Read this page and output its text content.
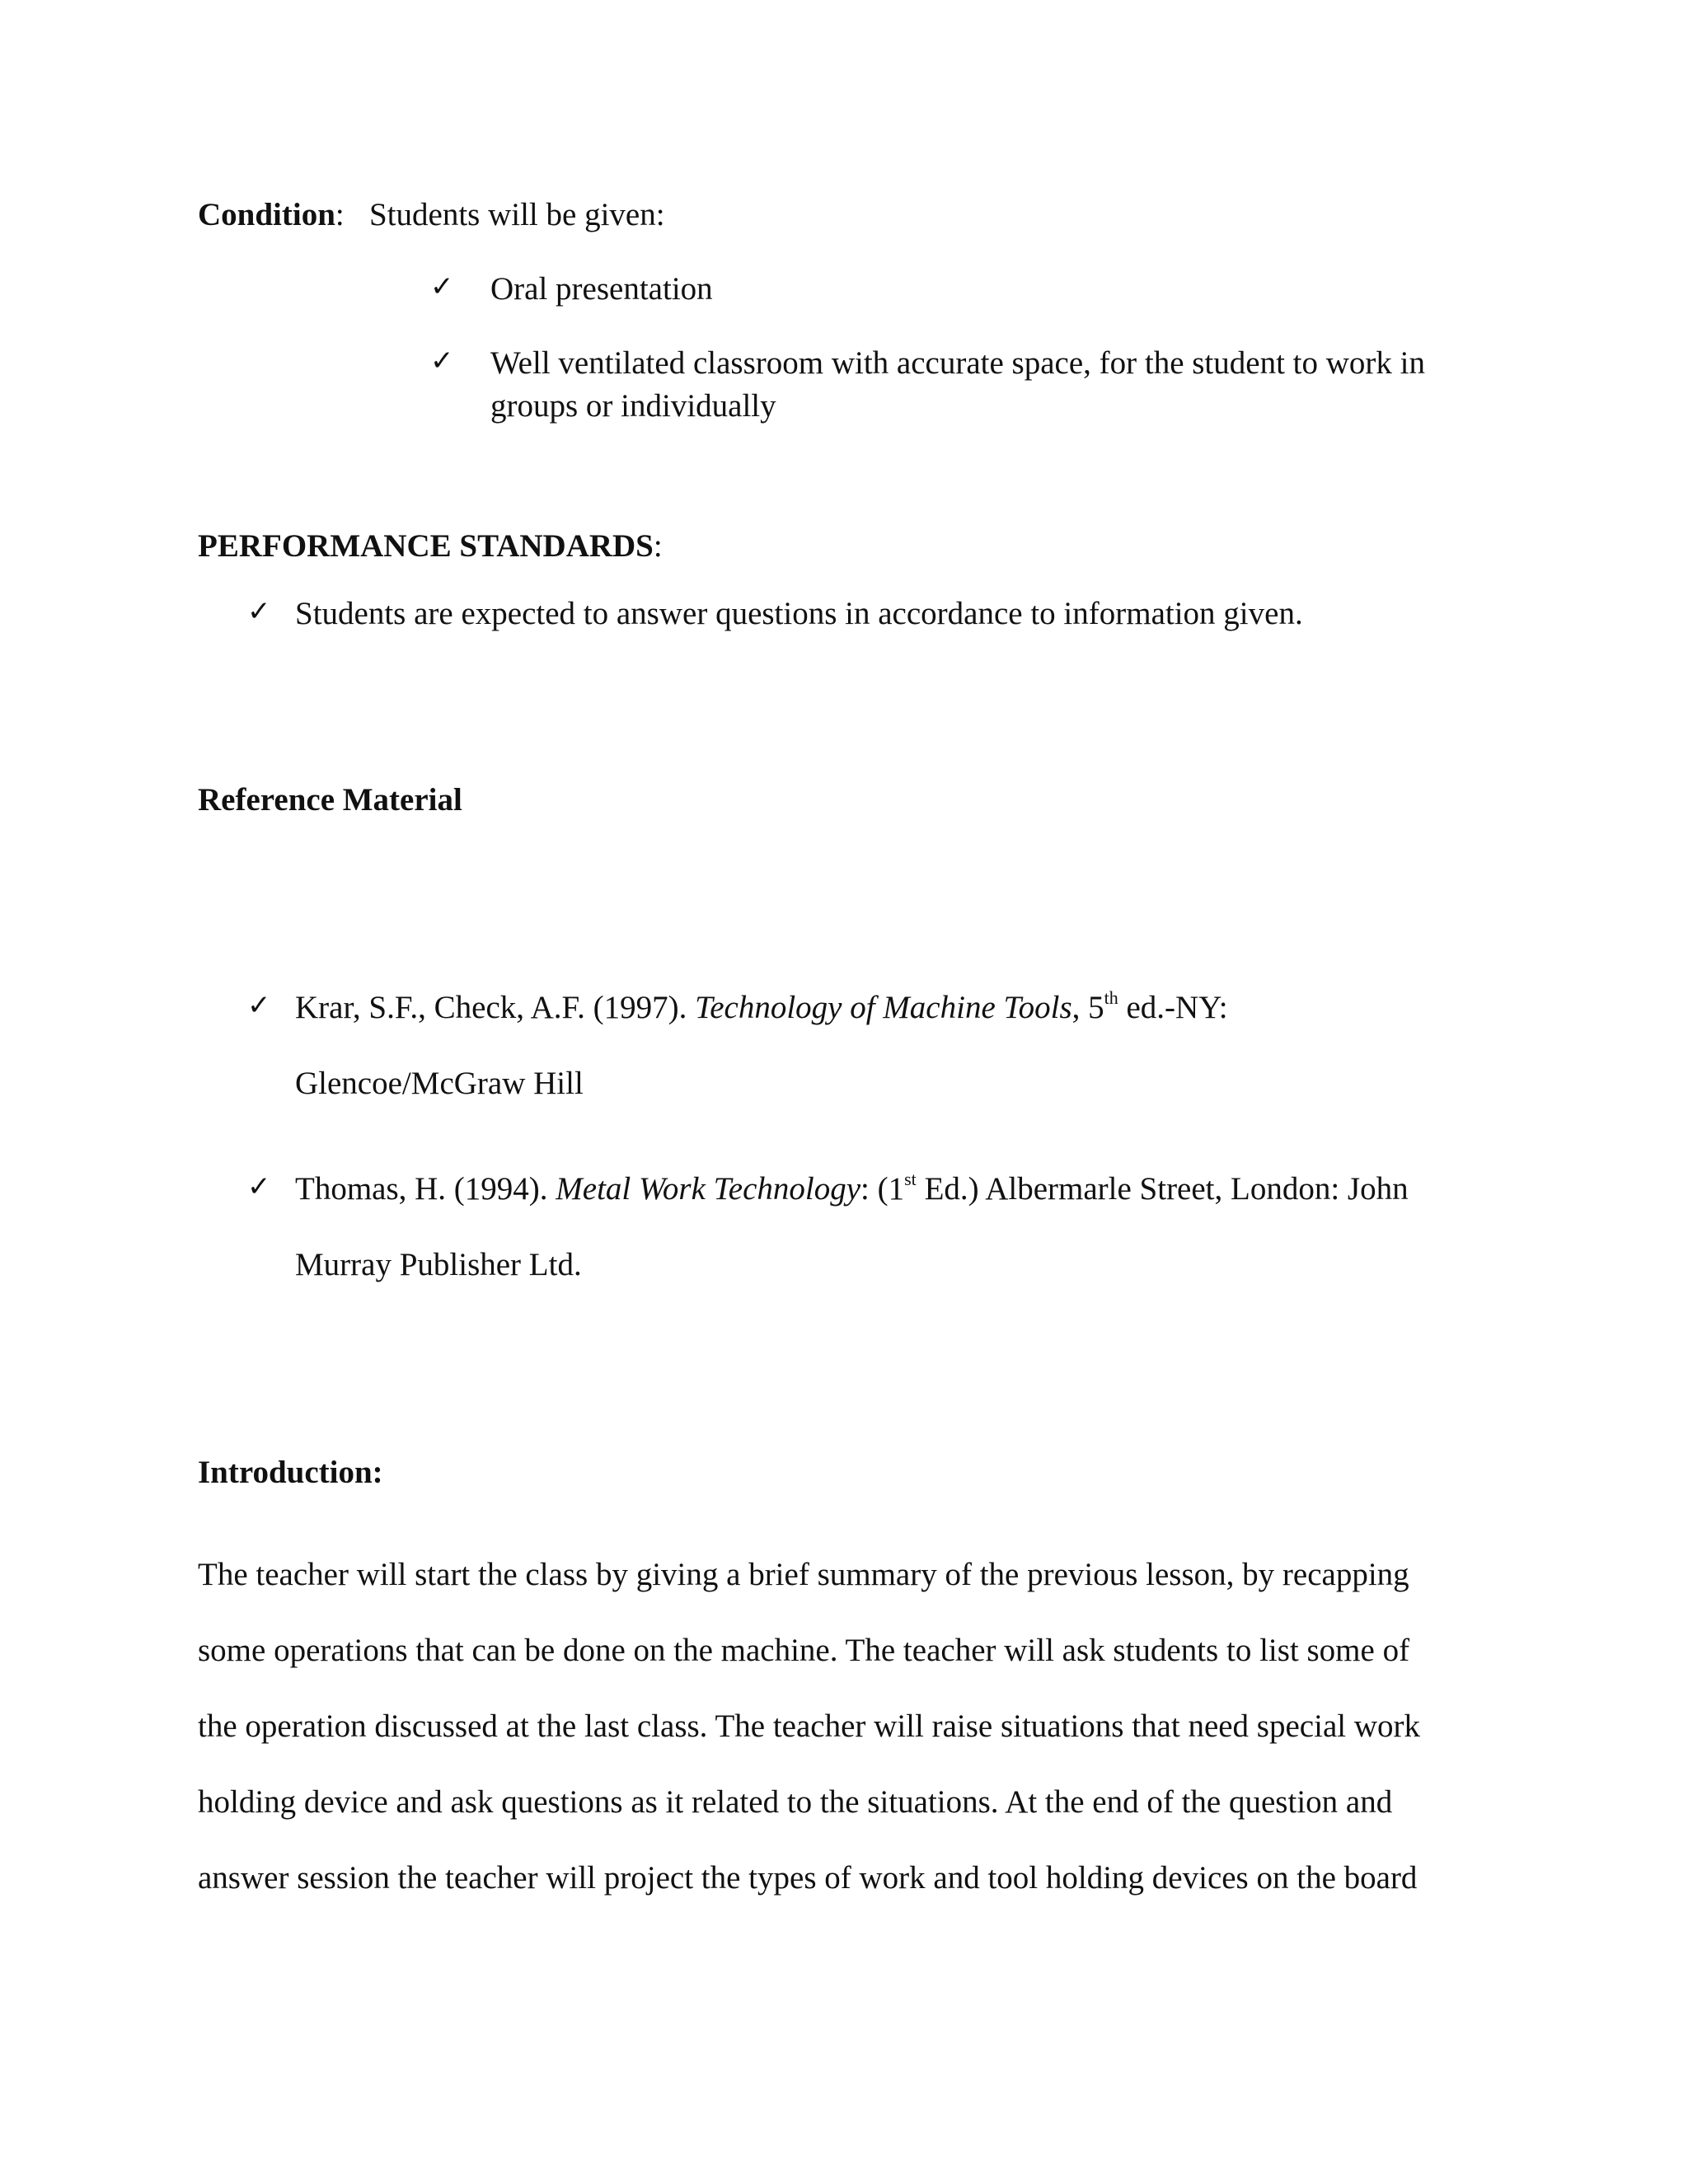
Condition: Students will be given:
✓ Oral presentation
✓ Well ventilated classroom with accurate space, for the student to work in
groups or individually
PERFORMANCE STANDARDS:
✓ Students are expected to answer questions in accordance to information given.
Reference Material
✓ Krar, S.F., Check, A.F. (1997). Technology of Machine Tools, 5th ed.-NY:
Glencoe/McGraw Hill
✓ Thomas, H. (1994). Metal Work Technology: (1st Ed.) Albermarle Street, London: John
Murray Publisher Ltd.
Introduction:
The teacher will start the class by giving a brief summary of the previous lesson, by recapping
some operations that can be done on the machine. The teacher will ask students to list some of
the operation discussed at the last class. The teacher will raise situations that need special work
holding device and ask questions as it related to the situations. At the end of the question and
answer session the teacher will project the types of work and tool holding devices on the board
